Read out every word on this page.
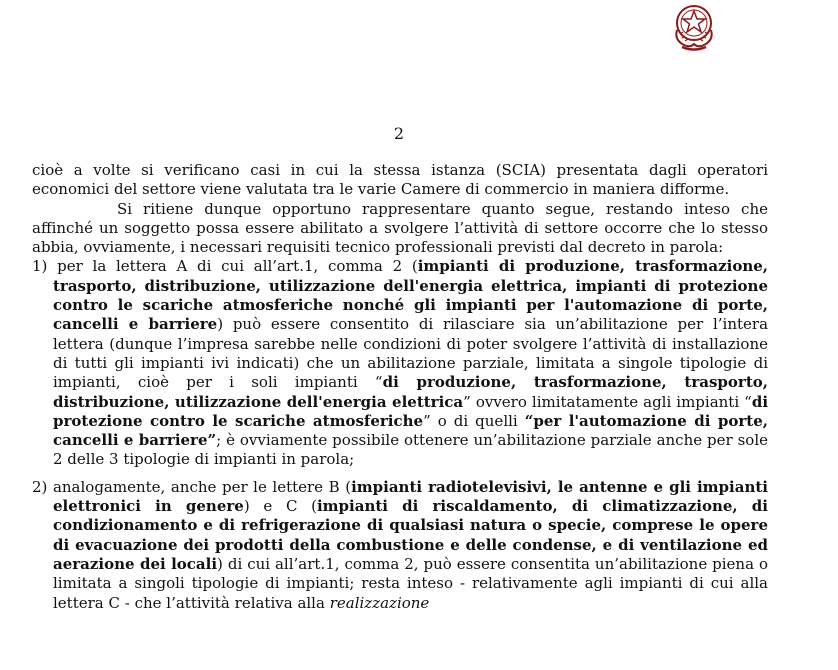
2

cioè a volte si verificano casi in cui la stessa istanza (SCIA) presentata dagli operatori economici del settore viene valutata tra le varie Camere di commercio in maniera difforme.

Si ritiene dunque opportuno rappresentare quanto segue, restando inteso che affinché un soggetto possa essere abilitato a svolgere l’attività di settore occorre che lo stesso abbia, ovviamente, i necessari requisiti tecnico professionali previsti dal decreto in parola:

1) per la lettera A di cui all’art.1, comma 2 (impianti di produzione, trasformazione, trasporto, distribuzione, utilizzazione dell'energia elettrica, impianti di protezione contro le scariche atmosferiche nonché gli impianti per l'automazione di porte, cancelli e barriere) può essere consentito di rilasciare sia un’abilitazione per l’intera lettera (dunque l’impresa sarebbe nelle condizioni di poter svolgere l’attività di installazione di tutti gli impianti ivi indicati) che un abilitazione parziale, limitata a singole tipologie di impianti, cioè per i soli impianti “di produzione, trasformazione, trasporto, distribuzione, utilizzazione dell'energia elettrica” ovvero limitatamente agli impianti “di protezione contro le scariche atmosferiche” o di quelli “per l'automazione di porte, cancelli e barriere”; è ovviamente possibile ottenere un’abilitazione parziale anche per sole 2 delle 3 tipologie di impianti in parola;

2) analogamente, anche per le lettere B (impianti radiotelevisivi, le antenne e gli impianti elettronici in genere) e C (impianti di riscaldamento, di climatizzazione, di condizionamento e di refrigerazione di qualsiasi natura o specie, comprese le opere di evacuazione dei prodotti della combustione e delle condense, e di ventilazione ed aerazione dei locali) di cui all’art.1, comma 2, può essere consentita un’abilitazione piena o limitata a singoli tipologie di impianti; resta inteso - relativamente agli impianti di cui alla lettera C - che l’attività relativa alla realizzazione
